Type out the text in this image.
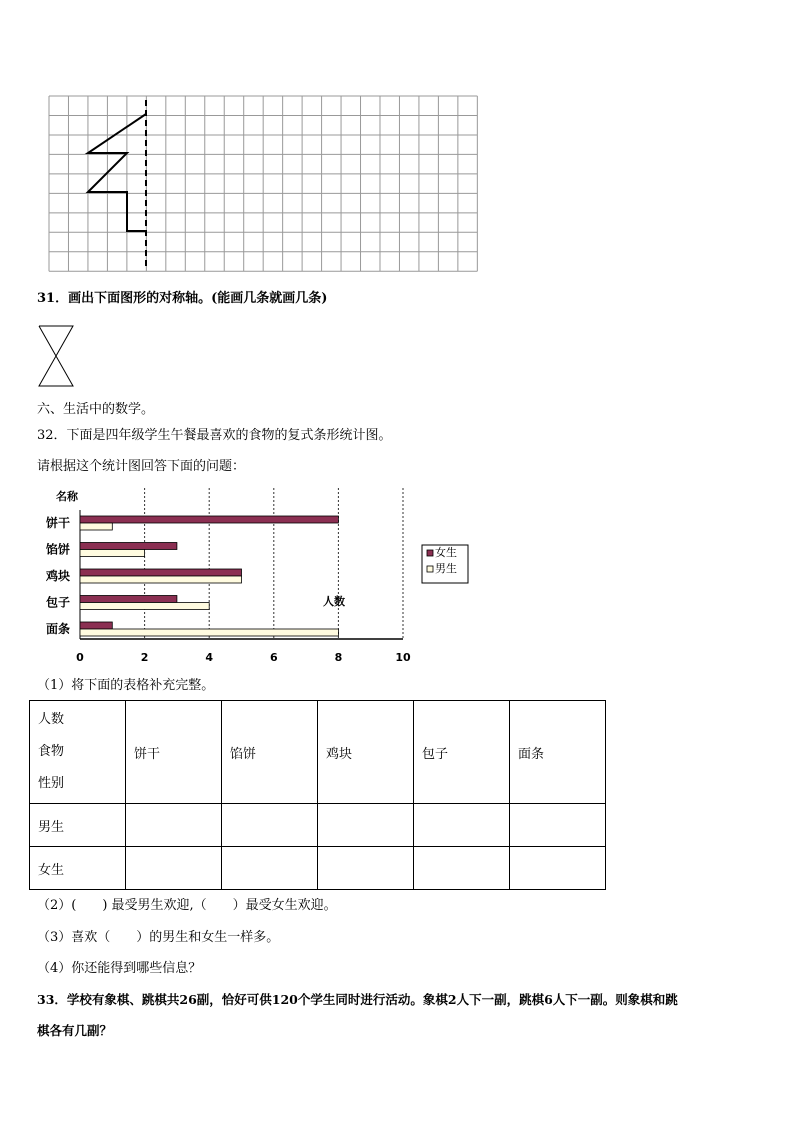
31．画出下面图形的对称轴。(能画几条就画几条)
六、生活中的数学。
32．下面是四年级学生午餐最喜欢的食物的复式条形统计图。
请根据这个统计图回答下面的问题：
0	2	4	6	8	10
名称
人数
饼干
馅饼
鸡块
包子
面条
女生
男生
（1）将下面的表格补充完整。
人数
食物
性别	饼干	馅饼	鸡块	包子	面条
男生					
女生					
（2）(　　) 最受男生欢迎,（　　）最受女生欢迎。
（3）喜欢（　　）的男生和女生一样多。
（4）你还能得到哪些信息？
33．学校有象棋、跳棋共26副，恰好可供120个学生同时进行活动。象棋2人下一副，跳棋6人下一副。则象棋和跳
棋各有几副？
